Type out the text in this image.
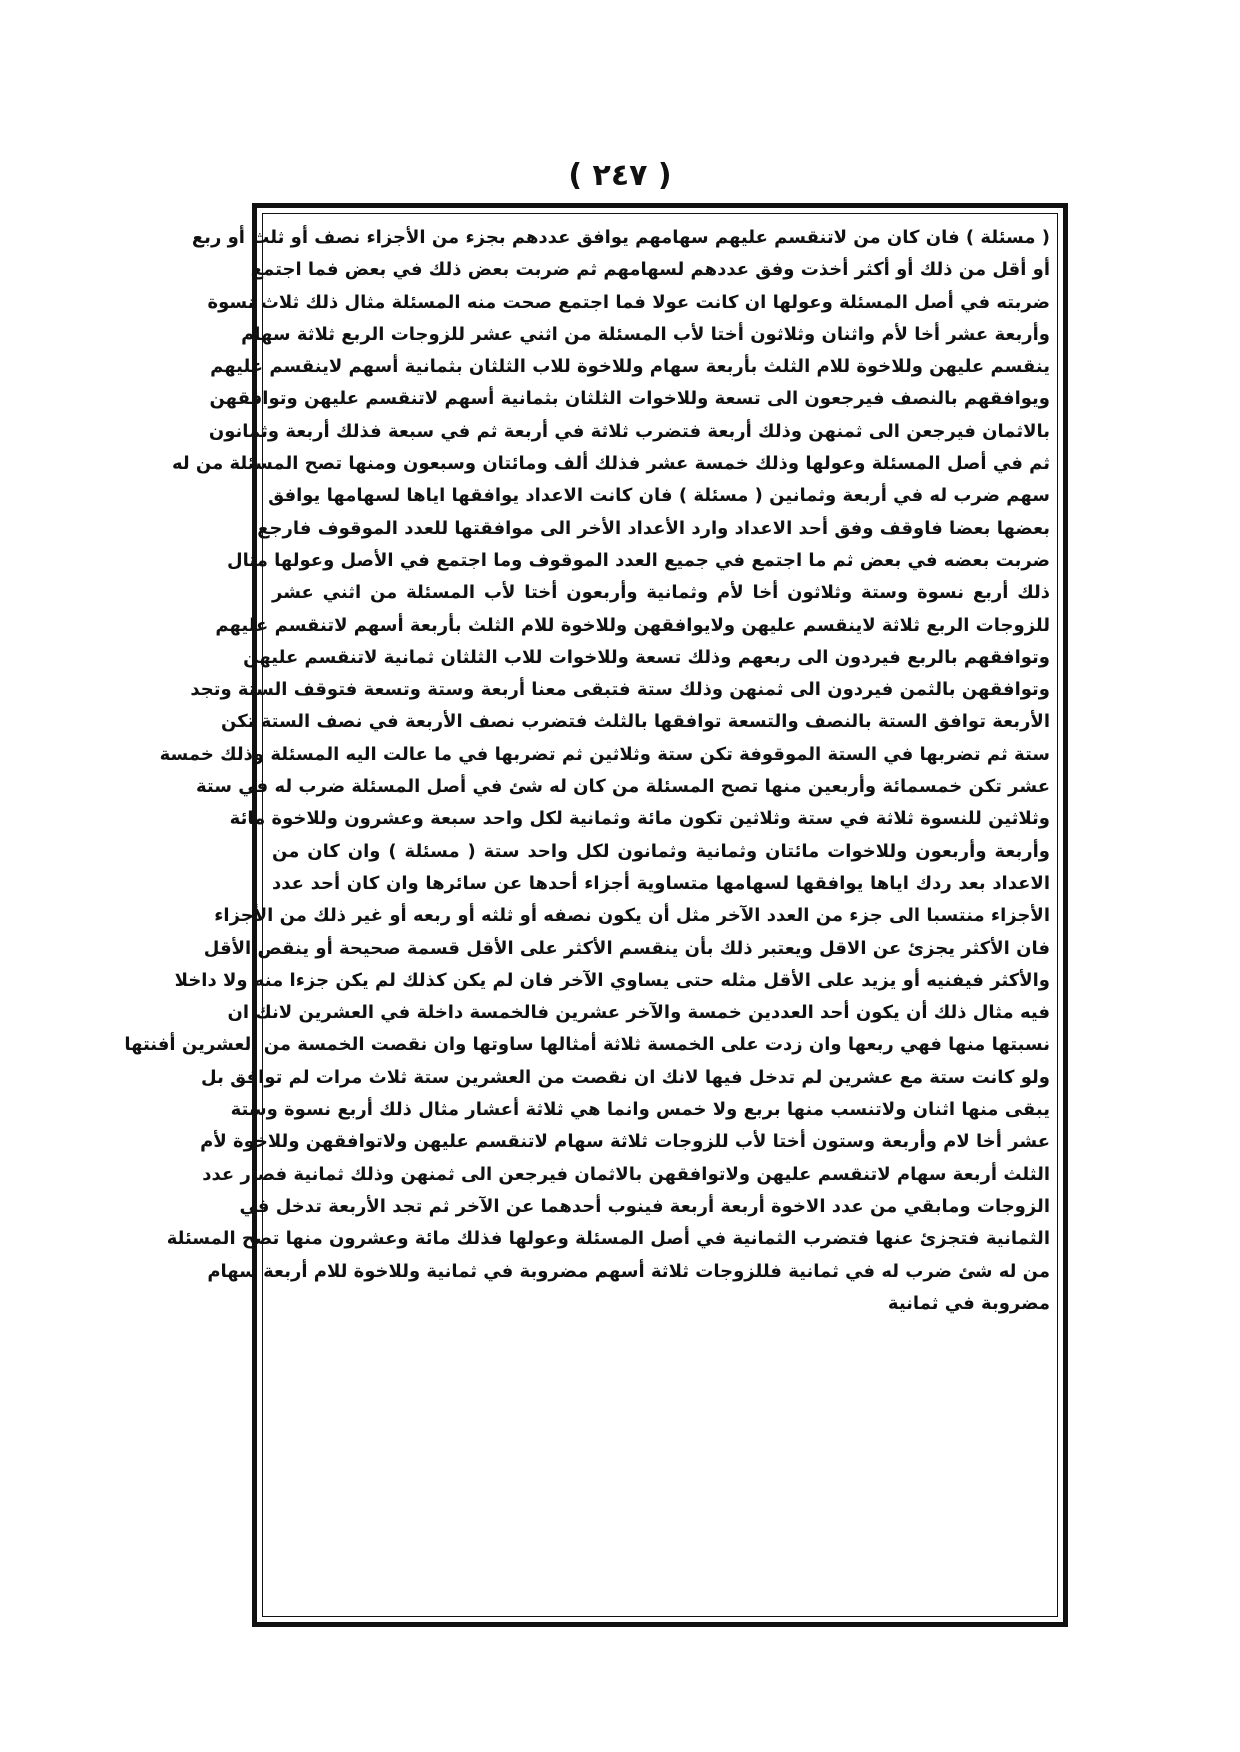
( ٢٤٧ )
( مسئلة ) فان كان من لاتنقسم عليهم سهامهم يوافق عددهم بجزء من الأجزاء نصف أو ثلث أو ربع
أو أقل من ذلك أو أكثر أخذت وفق عددهم لسهامهم ثم ضربت بعض ذلك في بعض فما اجتمع
ضربته في أصل المسئلة وعولها ان كانت عولا فما اجتمع صحت منه المسئلة مثال ذلك ثلاث نسوة
وأربعة عشر أخا لأم واثنان وثلاثون أختا لأب المسئلة من اثني عشر للزوجات الربع ثلاثة سهام
ينقسم عليهن وللاخوة للام الثلث بأربعة سهام وللاخوة للاب الثلثان بثمانية أسهم لاينقسم عليهم
ويوافقهم بالنصف فيرجعون الى تسعة وللاخوات الثلثان بثمانية أسهم لاتنقسم عليهن وتوافقهن
بالاثمان فيرجعن الى ثمنهن وذلك أربعة فتضرب ثلاثة في أربعة ثم في سبعة فذلك أربعة وثمانون
ثم في أصل المسئلة وعولها وذلك خمسة عشر فذلك ألف ومائتان وسبعون ومنها تصح المسئلة من له
سهم ضرب له في أربعة وثمانين ( مسئلة ) فان كانت الاعداد يوافقها اياها لسهامها يوافق
بعضها بعضا فاوقف وفق أحد الاعداد وارد الأعداد الأخر الى موافقتها للعدد الموقوف فارجع
ضربت بعضه في بعض ثم ما اجتمع في جميع العدد الموقوف وما اجتمع في الأصل وعولها مثال
ذلك أربع نسوة وستة وثلاثون أخا لأم وثمانية وأربعون أختا لأب المسئلة من اثني عشر
للزوجات الربع ثلاثة لاينقسم عليهن ولايوافقهن وللاخوة للام الثلث بأربعة أسهم لاتنقسم عليهم
وتوافقهم بالربع فيردون الى ربعهم وذلك تسعة وللاخوات للاب الثلثان ثمانية لاتنقسم عليهن
وتوافقهن بالثمن فيردون الى ثمنهن وذلك ستة فتبقى معنا أربعة وستة وتسعة فتوقف الستة وتجد
الأربعة توافق الستة بالنصف والتسعة توافقها بالثلث فتضرب نصف الأربعة في نصف الستة تكن
ستة ثم تضربها في الستة الموقوفة تكن ستة وثلاثين ثم تضربها في ما عالت اليه المسئلة وذلك خمسة
عشر تكن خمسمائة وأربعين منها تصح المسئلة من كان له شئ في أصل المسئلة ضرب له في ستة
وثلاثين للنسوة ثلاثة في ستة وثلاثين تكون مائة وثمانية لكل واحد سبعة وعشرون وللاخوة مائة
وأربعة وأربعون وللاخوات مائتان وثمانية وثمانون لكل واحد ستة ( مسئلة ) وان كان من
الاعداد بعد ردك اياها يوافقها لسهامها متساوية أجزاء أحدها عن سائرها وان كان أحد عدد
الأجزاء منتسبا الى جزء من العدد الآخر مثل أن يكون نصفه أو ثلثه أو ربعه أو غير ذلك من الأجزاء
فان الأكثر يجزئ عن الاقل ويعتبر ذلك بأن ينقسم الأكثر على الأقل قسمة صحيحة أو ينقص الأقل
والأكثر فيفنيه أو يزيد على الأقل مثله حتى يساوي الآخر فان لم يكن كذلك لم يكن جزءا منه ولا داخلا
فيه مثال ذلك أن يكون أحد العددين خمسة والآخر عشرين فالخمسة داخلة في العشرين لانك ان
نسبتها منها فهي ربعها وان زدت على الخمسة ثلاثة أمثالها ساوتها وان نقصت الخمسة من العشرين أفنتها
ولو كانت ستة مع عشرين لم تدخل فيها لانك ان نقصت من العشرين ستة ثلاث مرات لم توافق بل
يبقى منها اثنان ولاتنسب منها بربع ولا خمس وانما هي ثلاثة أعشار مثال ذلك أربع نسوة وستة
عشر أخا لام وأربعة وستون أختا لأب للزوجات ثلاثة سهام لاتنقسم عليهن ولاتوافقهن وللاخوة لأم
الثلث أربعة سهام لاتنقسم عليهن ولاتوافقهن بالاثمان فيرجعن الى ثمنهن وذلك ثمانية فصار عدد
الزوجات ومابقي من عدد الاخوة أربعة أربعة فينوب أحدهما عن الآخر ثم تجد الأربعة تدخل في
الثمانية فتجزئ عنها فتضرب الثمانية في أصل المسئلة وعولها فذلك مائة وعشرون منها تصح المسئلة
من له شئ ضرب له في ثمانية فللزوجات ثلاثة أسهم مضروبة في ثمانية وللاخوة للام أربعة سهام
مضروبة في ثمانية
